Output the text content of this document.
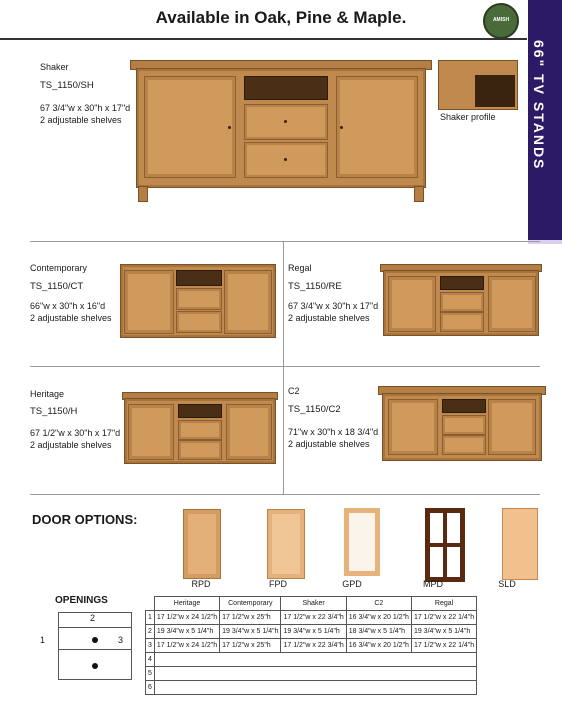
Available in Oak, Pine & Maple.	AMISH
66" TV STANDS
Shaker
TS_1150/SH
67 3/4"w x 30"h x 17"d
2 adjustable shelves	Shaker profile
Contemporary
TS_1150/CT
66"w x 30"h x 16"d
2 adjustable shelves
Regal
TS_1150/RE
67 3/4"w x 30"h x 17"d
2 adjustable shelves
Heritage
TS_1150/H
67 1/2"w x 30"h x 17"d
2 adjustable shelves
C2
TS_1150/C2
71"w x 30"h x 18 3/4"d
2 adjustable shelves
DOOR OPTIONS:
RPD	FPD	GPD	MPD	SLD
OPENINGS
2
1	3
	Heritage	Contemporary	Shaker	C2	Regal
1	17 1/2"w x 24 1/2"h	17 1/2"w x 25"h	17 1/2"w x 22 3/4"h	16 3/4"w x 20 1/2"h	17 1/2"w x 22 1/4"h
2	19 3/4"w x 5 1/4"h	19 3/4"w x 5 1/4"h	19 3/4"w x 5 1/4"h	18 3/4"w x 5 1/4"h	19 3/4"w x 5 1/4"h
3	17 1/2"w x 24 1/2"h	17 1/2"w x 25"h	17 1/2"w x 22 3/4"h	16 3/4"w x 20 1/2"h	17 1/2"w x 22 1/4"h
4					
5					
6					
